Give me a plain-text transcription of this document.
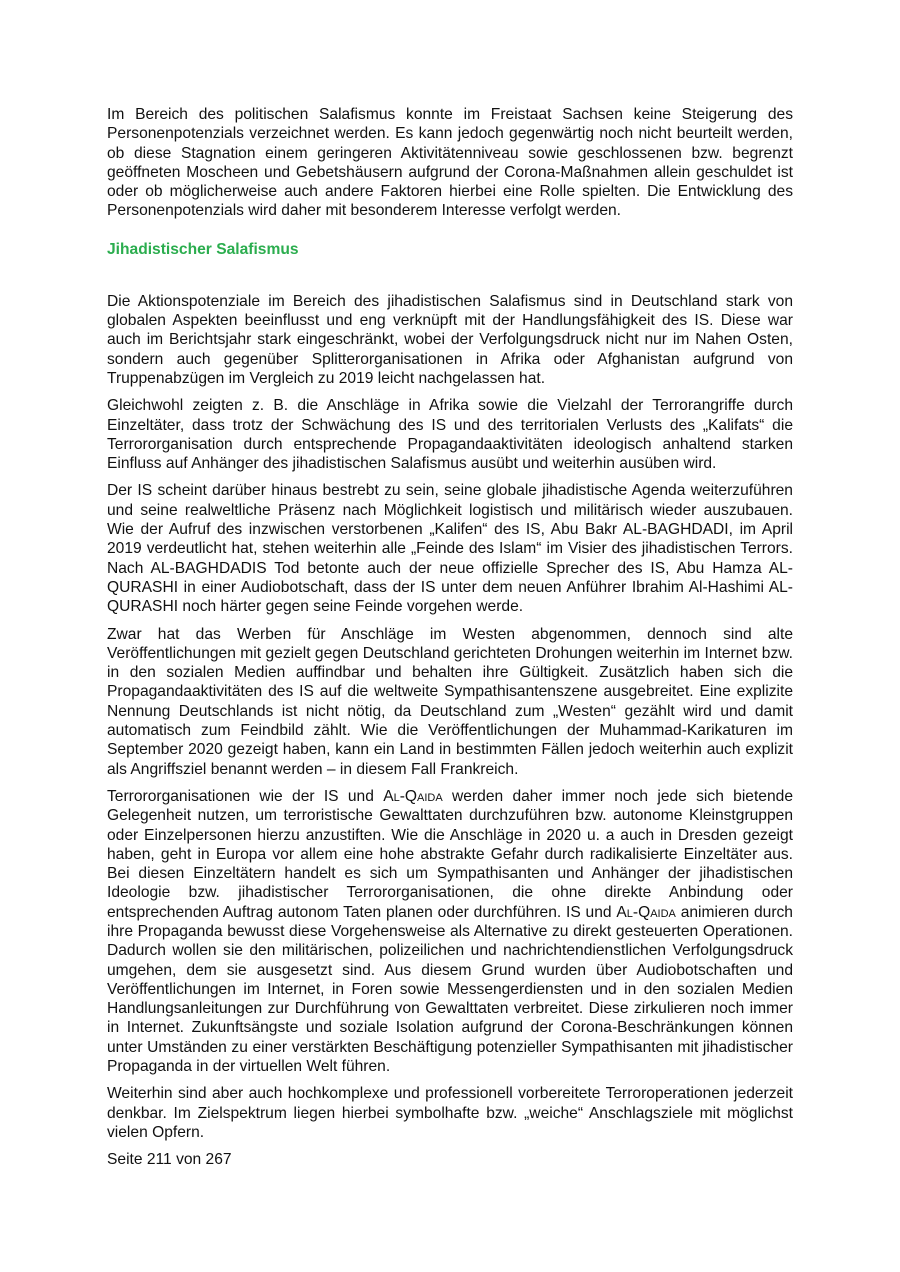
Im Bereich des politischen Salafismus konnte im Freistaat Sachsen keine Steigerung des Personenpotenzials verzeichnet werden. Es kann jedoch gegenwärtig noch nicht beurteilt werden, ob diese Stagnation einem geringeren Aktivitätenniveau sowie geschlossenen bzw. begrenzt geöffneten Moscheen und Gebetshäusern aufgrund der Corona-Maßnahmen allein geschuldet ist oder ob möglicherweise auch andere Faktoren hierbei eine Rolle spielten. Die Entwicklung des Personenpotenzials wird daher mit besonderem Interesse verfolgt werden.

Jihadistischer Salafismus

Die Aktionspotenziale im Bereich des jihadistischen Salafismus sind in Deutschland stark von globalen Aspekten beeinflusst und eng verknüpft mit der Handlungsfähigkeit des IS. Diese war auch im Berichtsjahr stark eingeschränkt, wobei der Verfolgungsdruck nicht nur im Nahen Osten, sondern auch gegenüber Splitterorganisationen in Afrika oder Afghanistan aufgrund von Truppenabzügen im Vergleich zu 2019 leicht nachgelassen hat.

Gleichwohl zeigten z. B. die Anschläge in Afrika sowie die Vielzahl der Terrorangriffe durch Einzeltäter, dass trotz der Schwächung des IS und des territorialen Verlusts des „Kalifats“ die Terrororganisation durch entsprechende Propagandaaktivitäten ideologisch anhaltend starken Einfluss auf Anhänger des jihadistischen Salafismus ausübt und weiterhin ausüben wird.

Der IS scheint darüber hinaus bestrebt zu sein, seine globale jihadistische Agenda weiterzuführen und seine realweltliche Präsenz nach Möglichkeit logistisch und militärisch wieder auszubauen. Wie der Aufruf des inzwischen verstorbenen „Kalifen“ des IS, Abu Bakr AL-BAGHDADI, im April 2019 verdeutlicht hat, stehen weiterhin alle „Feinde des Islam“ im Visier des jihadistischen Terrors. Nach AL-BAGHDADIS Tod betonte auch der neue offizielle Sprecher des IS, Abu Hamza AL- QURASHI in einer Audiobotschaft, dass der IS unter dem neuen Anführer Ibrahim Al-Hashimi AL-QURASHI noch härter gegen seine Feinde vorgehen werde.

Zwar hat das Werben für Anschläge im Westen abgenommen, dennoch sind alte Veröffentlichungen mit gezielt gegen Deutschland gerichteten Drohungen weiterhin im Internet bzw. in den sozialen Medien auffindbar und behalten ihre Gültigkeit. Zusätzlich haben sich die Propagandaaktivitäten des IS auf die weltweite Sympathisantenszene ausgebreitet. Eine explizite Nennung Deutschlands ist nicht nötig, da Deutschland zum „Westen“ gezählt wird und damit automatisch zum Feindbild zählt. Wie die Veröffentlichungen der Muhammad-Karikaturen im September 2020 gezeigt haben, kann ein Land in bestimmten Fällen jedoch weiterhin auch explizit als Angriffsziel benannt werden – in diesem Fall Frankreich.

Terrororganisationen wie der IS und Al-Qaida werden daher immer noch jede sich bietende Gelegenheit nutzen, um terroristische Gewalttaten durchzuführen bzw. autonome Kleinstgruppen oder Einzelpersonen hierzu anzustiften. Wie die Anschläge in 2020 u. a auch in Dresden gezeigt haben, geht in Europa vor allem eine hohe abstrakte Gefahr durch radikalisierte Einzeltäter aus. Bei diesen Einzeltätern handelt es sich um Sympathisanten und Anhänger der jihadistischen Ideologie bzw. jihadistischer Terrororganisationen, die ohne direkte Anbindung oder entsprechenden Auftrag autonom Taten planen oder durchführen. IS und Al-Qaida animieren durch ihre Propaganda bewusst diese Vorgehensweise als Alternative zu direkt gesteuerten Operationen. Dadurch wollen sie den militärischen, polizeilichen und nachrichtendienstlichen Verfolgungsdruck umgehen, dem sie ausgesetzt sind. Aus diesem Grund wurden über Audiobotschaften und Veröffentlichungen im Internet, in Foren sowie Messengerdiensten und in den sozialen Medien Handlungsanleitungen zur Durchführung von Gewalttaten verbreitet. Diese zirkulieren noch immer in Internet. Zukunftsängste und soziale Isolation aufgrund der Corona-Beschränkungen können unter Umständen zu einer verstärkten Beschäftigung potenzieller Sympathisanten mit jihadistischer Propaganda in der virtuellen Welt führen.

Weiterhin sind aber auch hochkomplexe und professionell vorbereitete Terroroperationen jederzeit denkbar. Im Zielspektrum liegen hierbei symbolhafte bzw. „weiche“ Anschlagsziele mit möglichst vielen Opfern.

Seite 211 von 267
